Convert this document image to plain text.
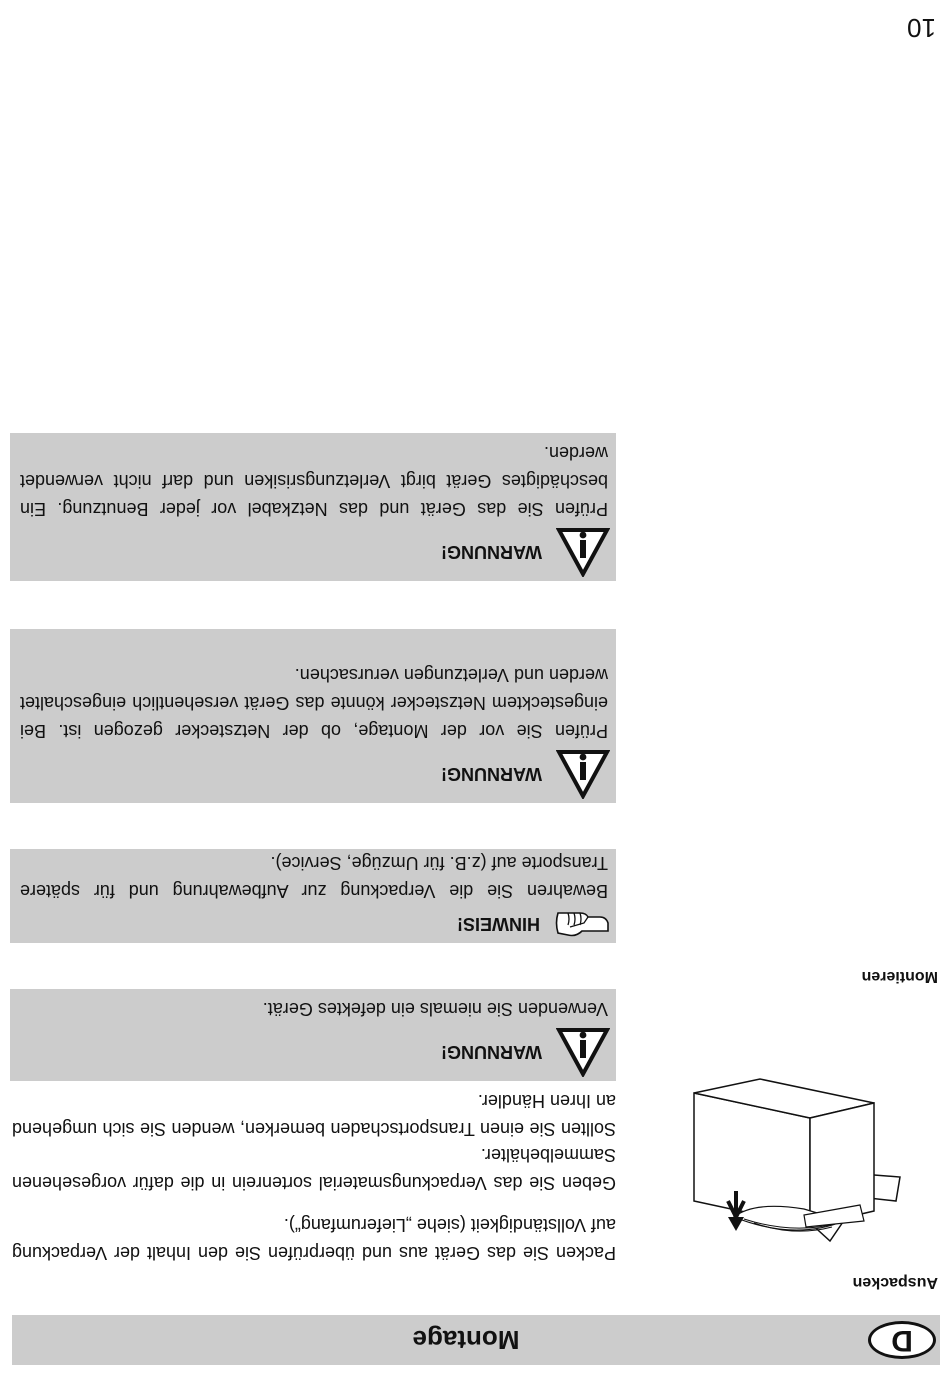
D
Montage
Auspacken

Packen Sie das Gerät aus und überprüfen Sie den Inhalt der Verpackung auf Vollständigkeit (siehe „Lieferumfang“).

Geben Sie das Verpackungsmaterial sortenrein in die dafür vorgesehenen Sammelbehälter.

Sollten Sie einen Transportschaden bemerken, wenden Sie sich umgehend an Ihren Händler.

WARNUNG!

Verwenden Sie niemals ein defektes Gerät.

Montieren
HINWEIS!

Bewahren Sie die Verpackung zur Aufbewahrung und für spätere Transporte auf (z.B. für Umzüge, Service).

WARNUNG!

Prüfen Sie vor der Montage, ob der Netzstecker gezogen ist. Bei eingestecktem Netzstecker könnte das Gerät versehentlich eingeschaltet werden und Verletzungen verursachen.

WARNUNG!

Prüfen Sie das Gerät und das Netzkabel vor jeder Benutzung. Ein beschädigtes Gerät birgt Verletzungsrisiken und darf nicht verwendet werden.

10
